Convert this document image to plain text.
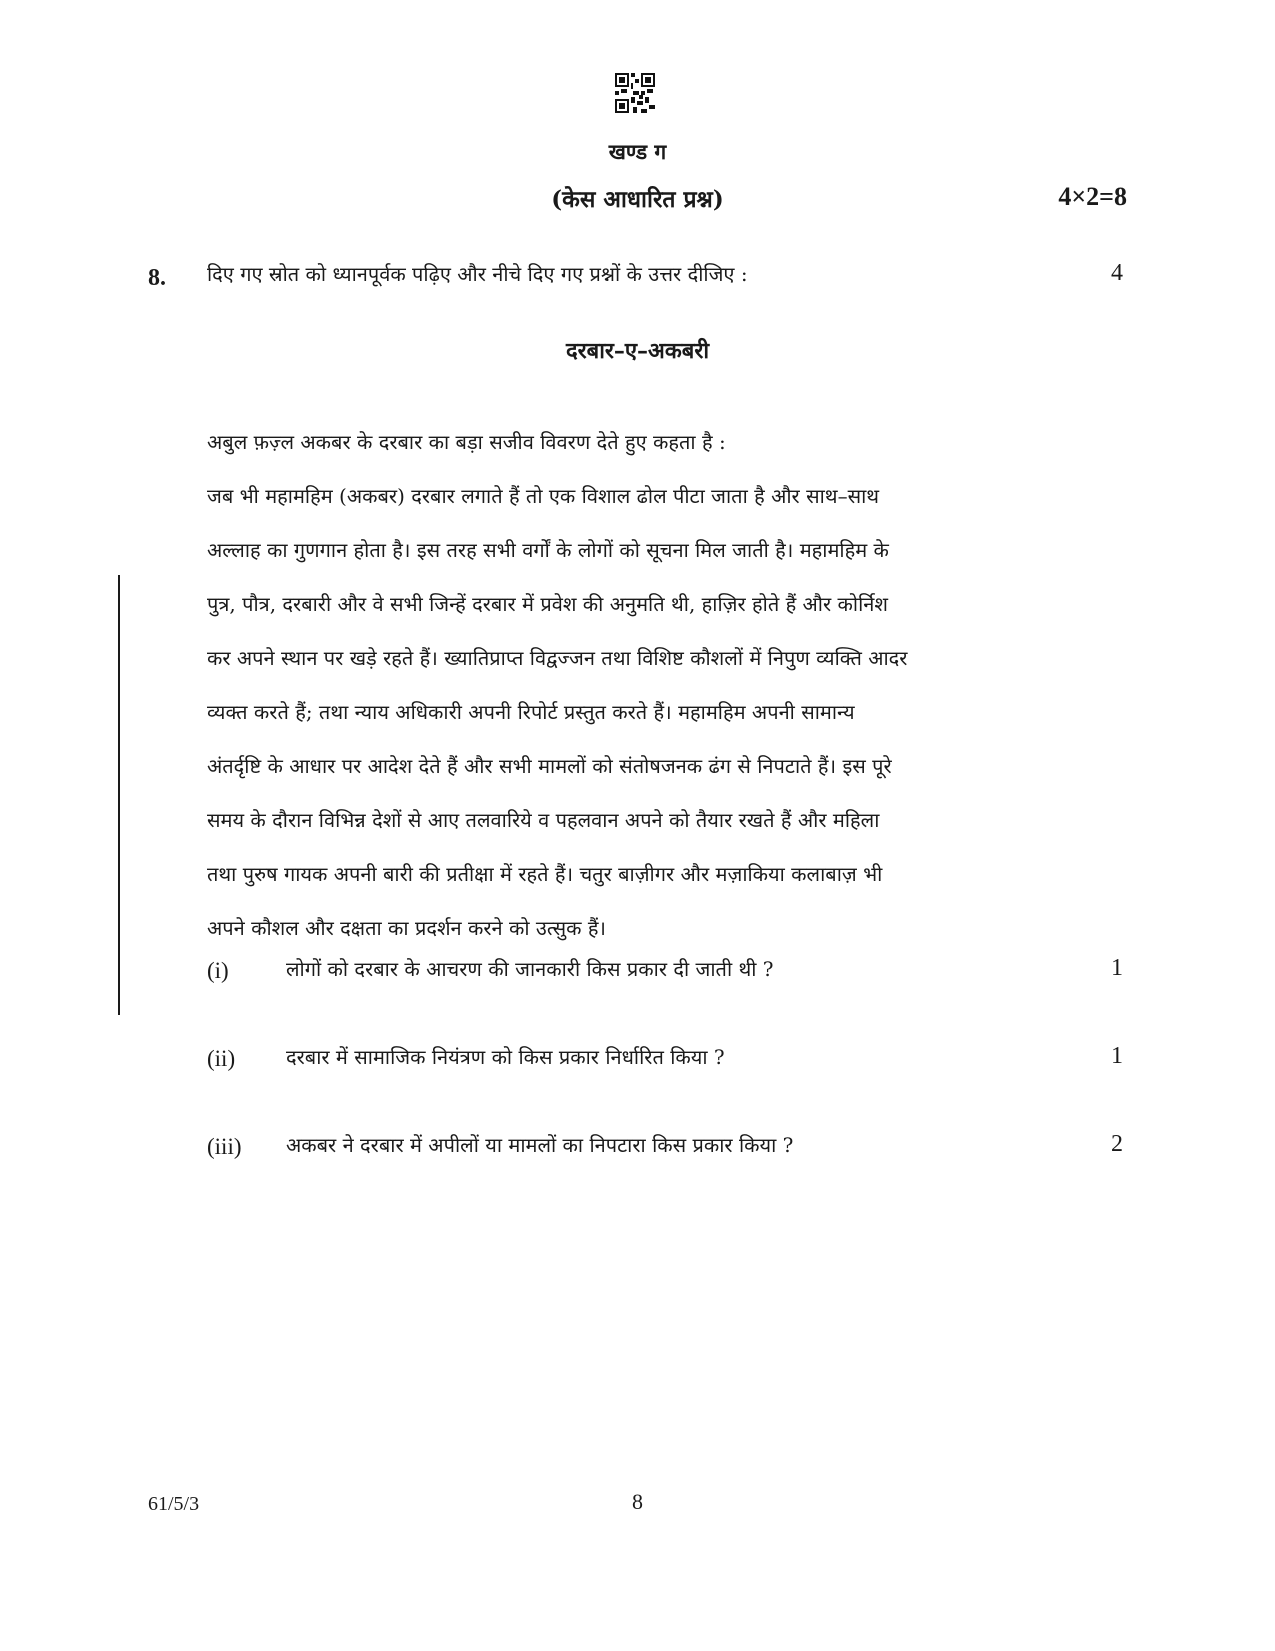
खण्ड ग
(केस आधारित प्रश्न)	4×2=8
8. दिए गए स्रोत को ध्यानपूर्वक पढ़िए और नीचे दिए गए प्रश्नों के उत्तर दीजिए :	4
दरबार–ए–अकबरी

अबुल फ़ज़्ल अकबर के दरबार का बड़ा सजीव विवरण देते हुए कहता है :

जब भी महामहिम (अकबर) दरबार लगाते हैं तो एक विशाल ढोल पीटा जाता है और साथ–साथ

अल्लाह का गुणगान होता है। इस तरह सभी वर्गों के लोगों को सूचना मिल जाती है। महामहिम के

पुत्र, पौत्र, दरबारी और वे सभी जिन्हें दरबार में प्रवेश की अनुमति थी, हाज़िर होते हैं और कोर्निश

कर अपने स्थान पर खड़े रहते हैं। ख्यातिप्राप्त विद्वज्जन तथा विशिष्ट कौशलों में निपुण व्यक्ति आदर

व्यक्त करते हैं; तथा न्याय अधिकारी अपनी रिपोर्ट प्रस्तुत करते हैं। महामहिम अपनी सामान्य

अंतर्दृष्टि के आधार पर आदेश देते हैं और सभी मामलों को संतोषजनक ढंग से निपटाते हैं। इस पूरे

समय के दौरान विभिन्न देशों से आए तलवारिये व पहलवान अपने को तैयार रखते हैं और महिला

तथा पुरुष गायक अपनी बारी की प्रतीक्षा में रहते हैं। चतुर बाज़ीगर और मज़ाकिया कलाबाज़ भी

अपने कौशल और दक्षता का प्रदर्शन करने को उत्सुक हैं।

(i)	लोगों को दरबार के आचरण की जानकारी किस प्रकार दी जाती थी ?	1
(ii)	दरबार में सामाजिक नियंत्रण को किस प्रकार निर्धारित किया ?	1
(iii) अकबर ने दरबार में अपीलों या मामलों का निपटारा किस प्रकार किया ?	2
61/5/3	8
